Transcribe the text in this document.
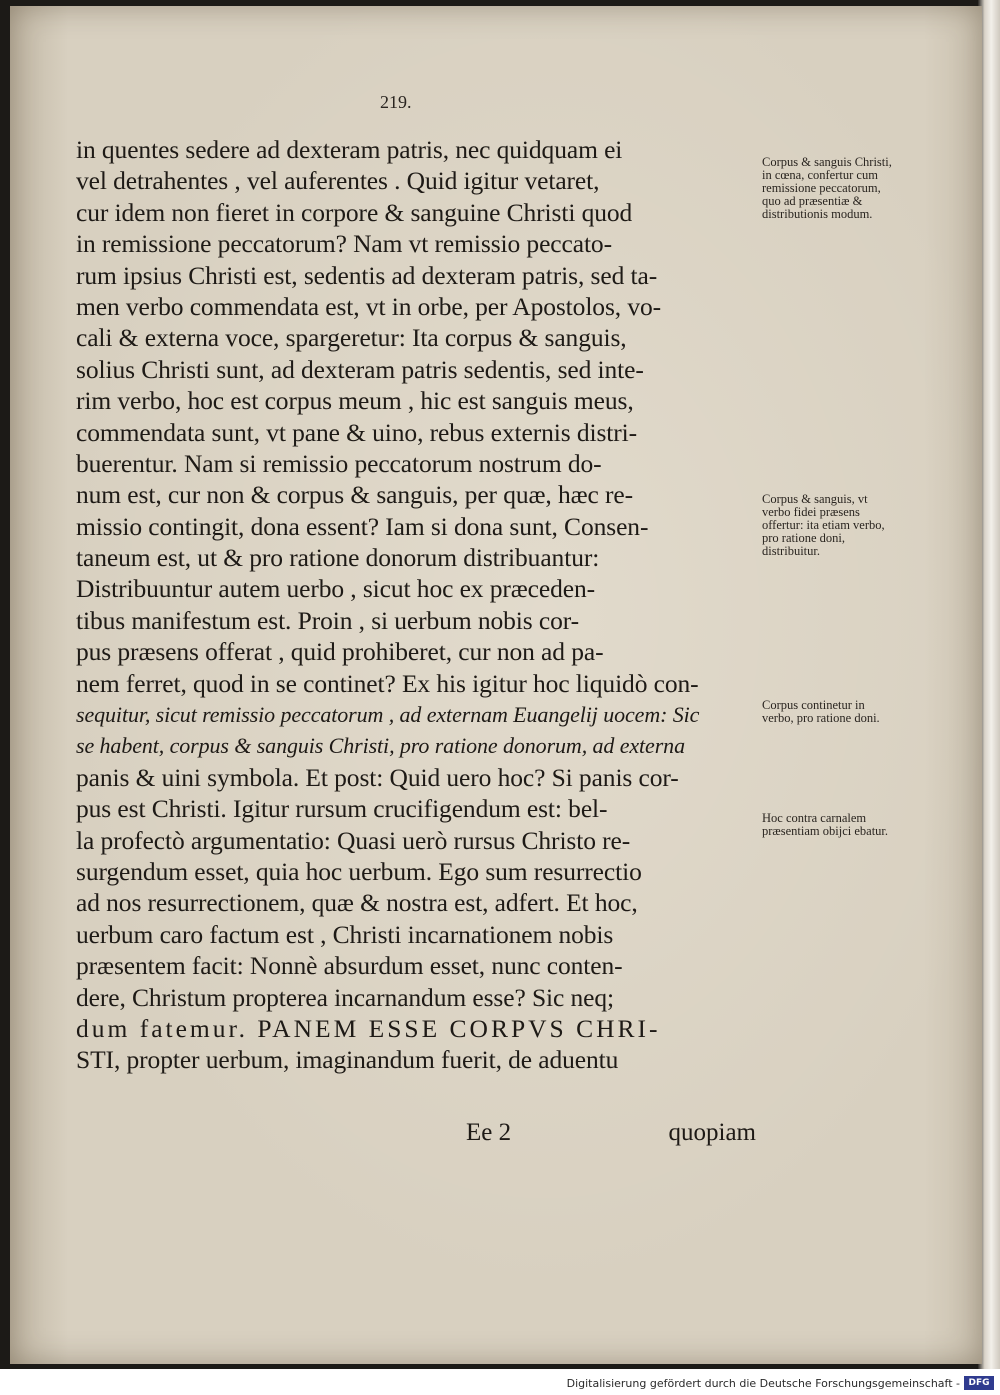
219.
in quentes sedere ad dexteram patris, nec quidquam ei
vel detrahentes , vel auferentes . Quid igitur vetaret,
cur idem non fieret in corpore & sanguine Christi quod
in remissione peccatorum? Nam vt remissio peccato-
rum ipsius Christi est, sedentis ad dexteram patris, sed ta-
men verbo commendata est, vt in orbe, per Apostolos, vo-
cali & externa voce, spargeretur: Ita corpus & sanguis,
solius Christi sunt, ad dexteram patris sedentis, sed inte-
rim verbo, hoc est corpus meum , hic est sanguis meus,
commendata sunt, vt pane & uino, rebus externis distri-
buerentur. Nam si remissio peccatorum nostrum do-
num est, cur non & corpus & sanguis, per quæ, hæc re-
missio contingit, dona essent? Iam si dona sunt, Consen-
taneum est, ut & pro ratione donorum distribuantur:
Distribuuntur autem uerbo , sicut hoc ex præceden-
tibus manifestum est. Proin , si uerbum nobis cor-
pus præsens offerat , quid prohiberet, cur non ad pa-
nem ferret, quod in se continet? Ex his igitur hoc liquidò con-
sequitur, sicut remissio peccatorum , ad externam Euangelij uocem: Sic
se habent, corpus & sanguis Christi, pro ratione donorum, ad externa
panis & uini symbola. Et post: Quid uero hoc? Si panis cor-
pus est Christi. Igitur rursum crucifigendum est: bel-
la profectò argumentatio: Quasi uerò rursus Christo re-
surgendum esset, quia hoc uerbum. Ego sum resurrectio
ad nos resurrectionem, quæ & nostra est, adfert. Et hoc,
uerbum caro factum est , Christi incarnationem nobis
præsentem facit: Nonnè absurdum esset, nunc conten-
dere, Christum propterea incarnandum esse? Sic neq;
dum fatemur. PANEM ESSE CORPVS CHRI-
STI, propter uerbum, imaginandum fuerit, de aduentu
Corpus & sanguis Christi, in cœna, confertur cum remissione peccatorum, quo ad præsentiæ & distributionis modum.
Corpus & sanguis, vt verbo fidei præsens offertur: ita etiam verbo, pro ratione doni, distribuitur.
Corpus continetur in verbo, pro ratione doni.
Hoc contra carnalem præsentiam obijci ebatur.
Ee 2	quopiam
Digitalisierung gefördert durch die Deutsche Forschungsgemeinschaft - DFG
